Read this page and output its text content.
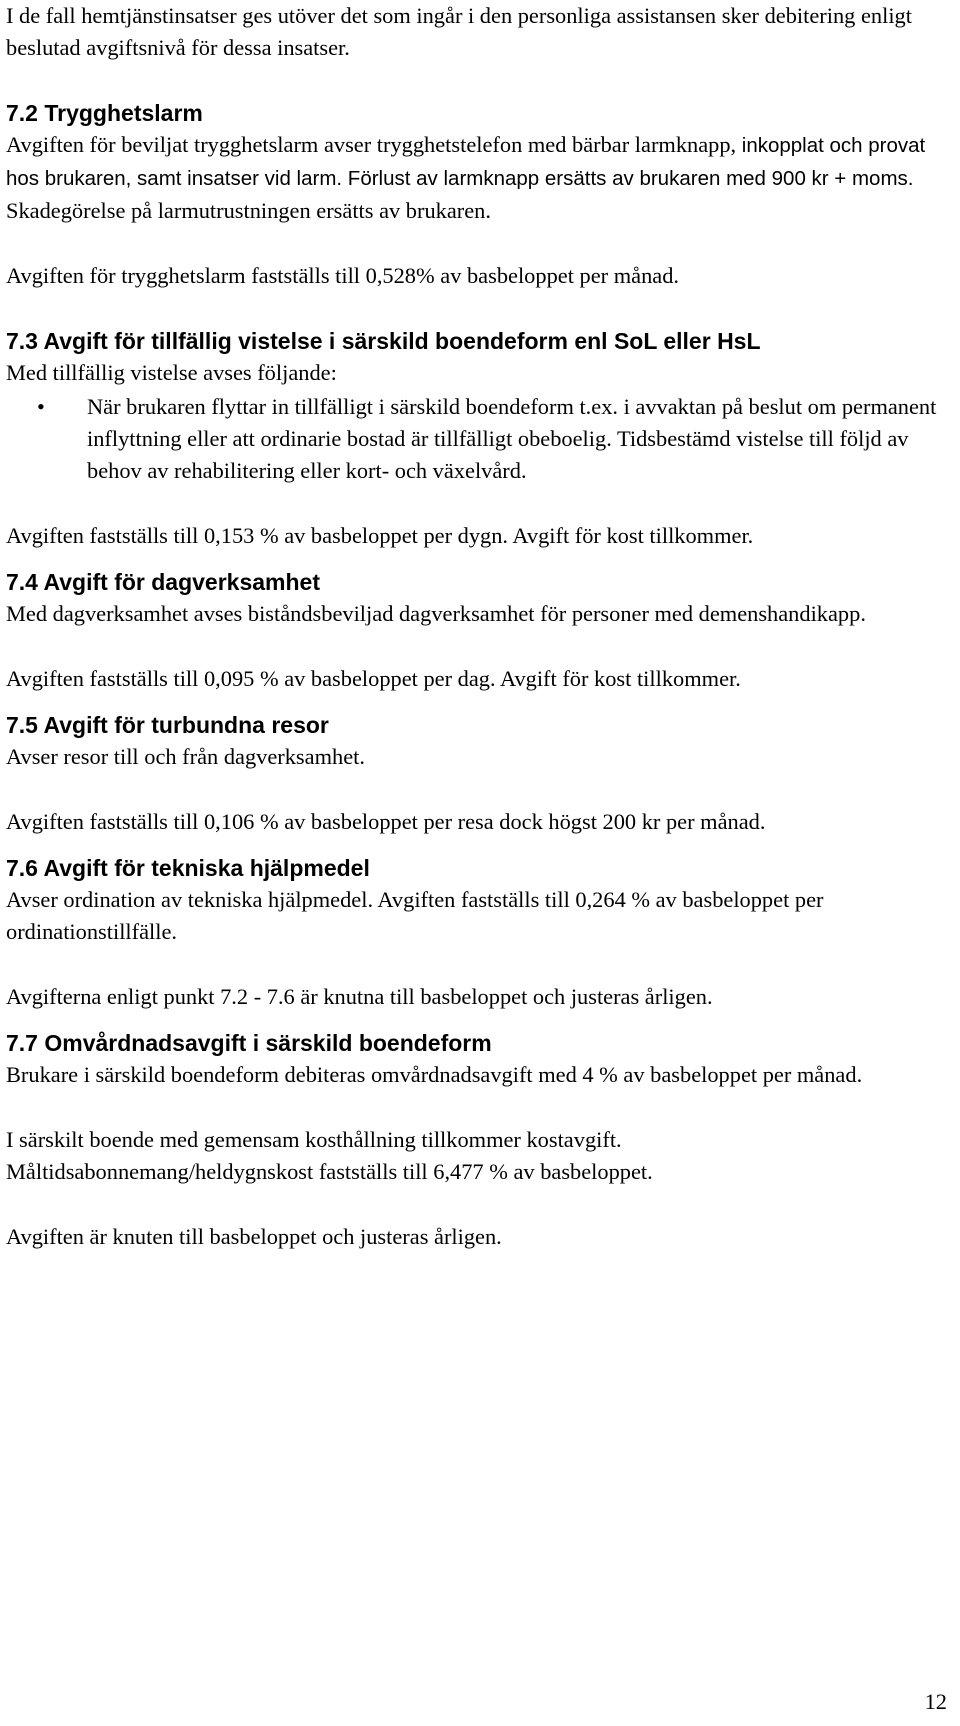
I de fall hemtjänstinsatser ges utöver det som ingår i den personliga assistansen sker debitering enligt beslutad avgiftsnivå för dessa insatser.

7.2 Trygghetslarm

Avgiften för beviljat trygghetslarm avser trygghetstelefon med bärbar larmknapp, inkopplat och provat hos brukaren, samt insatser vid larm. Förlust av larmknapp ersätts av brukaren med 900 kr + moms. Skadegörelse på larmutrustningen ersätts av brukaren.

Avgiften för trygghetslarm fastställs till 0,528% av basbeloppet per månad.

7.3 Avgift för tillfällig vistelse i särskild boendeform enl SoL eller HsL

Med tillfällig vistelse avses följande:

• När brukaren flyttar in tillfälligt i särskild boendeform t.ex. i avvaktan på beslut om permanent inflyttning eller att ordinarie bostad är tillfälligt obeboelig. Tidsbestämd vistelse till följd av behov av rehabilitering eller kort- och växelvård.

Avgiften fastställs till 0,153 % av basbeloppet per dygn. Avgift för kost tillkommer.

7.4 Avgift för dagverksamhet

Med dagverksamhet avses biståndsbeviljad dagverksamhet för personer med demenshandikapp.

Avgiften fastställs till 0,095 % av basbeloppet per dag. Avgift för kost tillkommer.

7.5 Avgift för turbundna resor

Avser resor till och från dagverksamhet.

Avgiften fastställs till 0,106 % av basbeloppet per resa dock högst 200 kr per månad.

7.6 Avgift för tekniska hjälpmedel

Avser ordination av tekniska hjälpmedel. Avgiften fastställs till 0,264 % av basbeloppet per ordinationstillfälle.

Avgifterna enligt punkt 7.2 - 7.6 är knutna till basbeloppet och justeras årligen.

7.7 Omvårdnadsavgift i särskild boendeform

Brukare i särskild boendeform debiteras omvårdnadsavgift med 4 % av basbeloppet per månad.

I särskilt boende med gemensam kosthållning tillkommer kostavgift.
Måltidsabonnemang/heldygnskost fastställs till 6,477 % av basbeloppet.

Avgiften är knuten till basbeloppet och justeras årligen.

12
